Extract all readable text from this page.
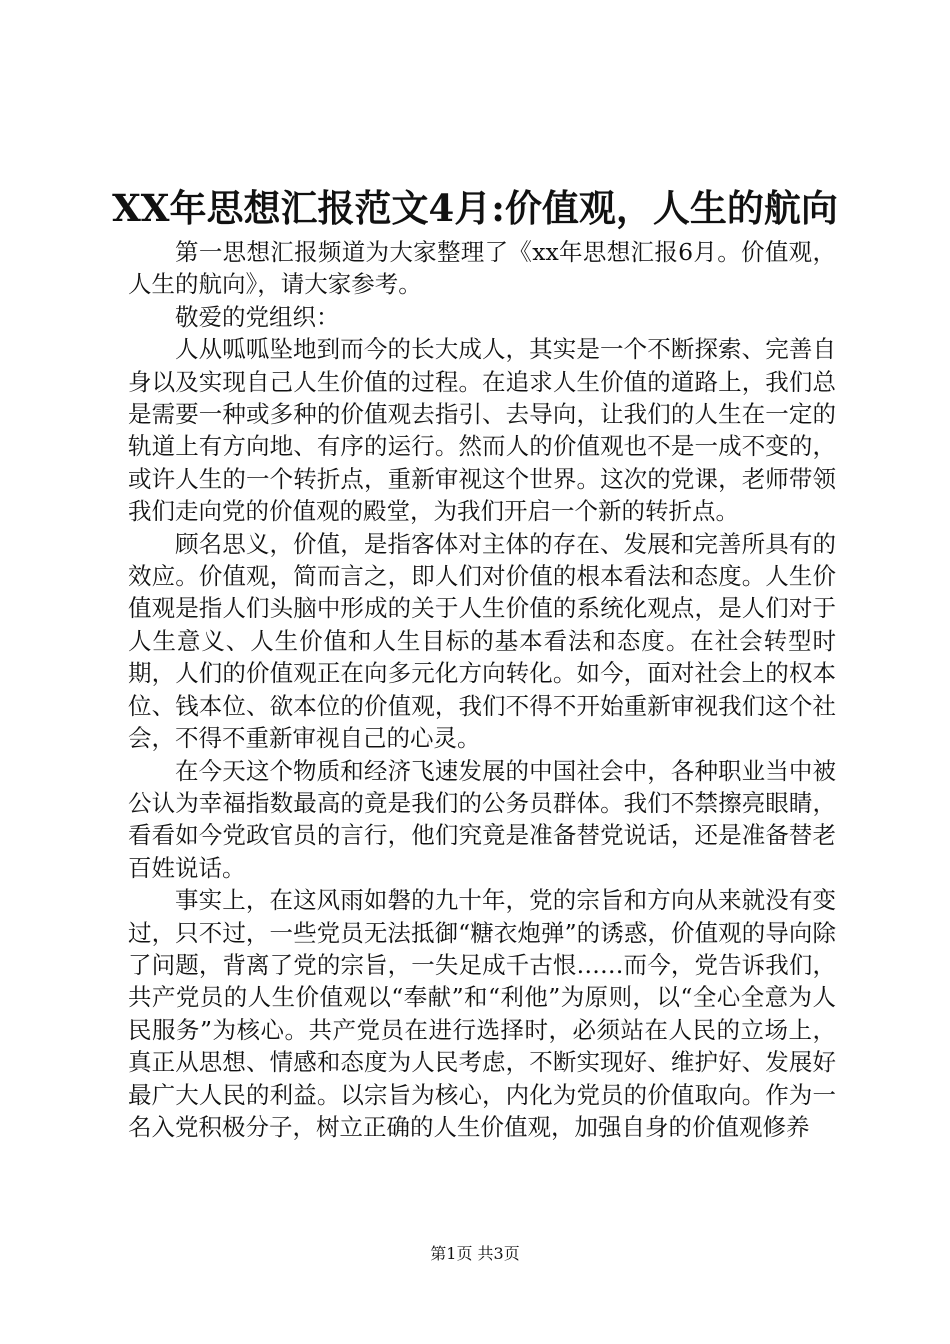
XX年思想汇报范文4月:价值观，人生的航向

第一思想汇报频道为大家整理了《xx年思想汇报6月。价值观，人生的航向》，请大家参考。

敬爱的党组织：

人从呱呱坠地到而今的长大成人，其实是一个不断探索、完善自身以及实现自己人生价值的过程。在追求人生价值的道路上，我们总是需要一种或多种的价值观去指引、去导向，让我们的人生在一定的轨道上有方向地、有序的运行。然而人的价值观也不是一成不变的，或许人生的一个转折点，重新审视这个世界。这次的党课，老师带领我们走向党的价值观的殿堂，为我们开启一个新的转折点。

顾名思义，价值，是指客体对主体的存在、发展和完善所具有的效应。价值观，简而言之，即人们对价值的根本看法和态度。人生价值观是指人们头脑中形成的关于人生价值的系统化观点，是人们对于人生意义、人生价值和人生目标的基本看法和态度。在社会转型时期，人们的价值观正在向多元化方向转化。如今，面对社会上的权本位、钱本位、欲本位的价值观，我们不得不开始重新审视我们这个社会，不得不重新审视自己的心灵。

在今天这个物质和经济飞速发展的中国社会中，各种职业当中被公认为幸福指数最高的竟是我们的公务员群体。我们不禁擦亮眼睛，看看如今党政官员的言行，他们究竟是准备替党说话，还是准备替老百姓说话。

事实上，在这风雨如磐的九十年，党的宗旨和方向从来就没有变过，只不过，一些党员无法抵御“糖衣炮弹”的诱惑，价值观的导向除了问题，背离了党的宗旨，一失足成千古恨……而今，党告诉我们，共产党员的人生价值观以“奉献”和“利他”为原则，以“全心全意为人民服务”为核心。共产党员在进行选择时，必须站在人民的立场上，真正从思想、情感和态度为人民考虑，不断实现好、维护好、发展好最广大人民的利益。以宗旨为核心，内化为党员的价值取向。作为一名入党积极分子，树立正确的人生价值观，加强自身的价值观修养

第1页 共3页
